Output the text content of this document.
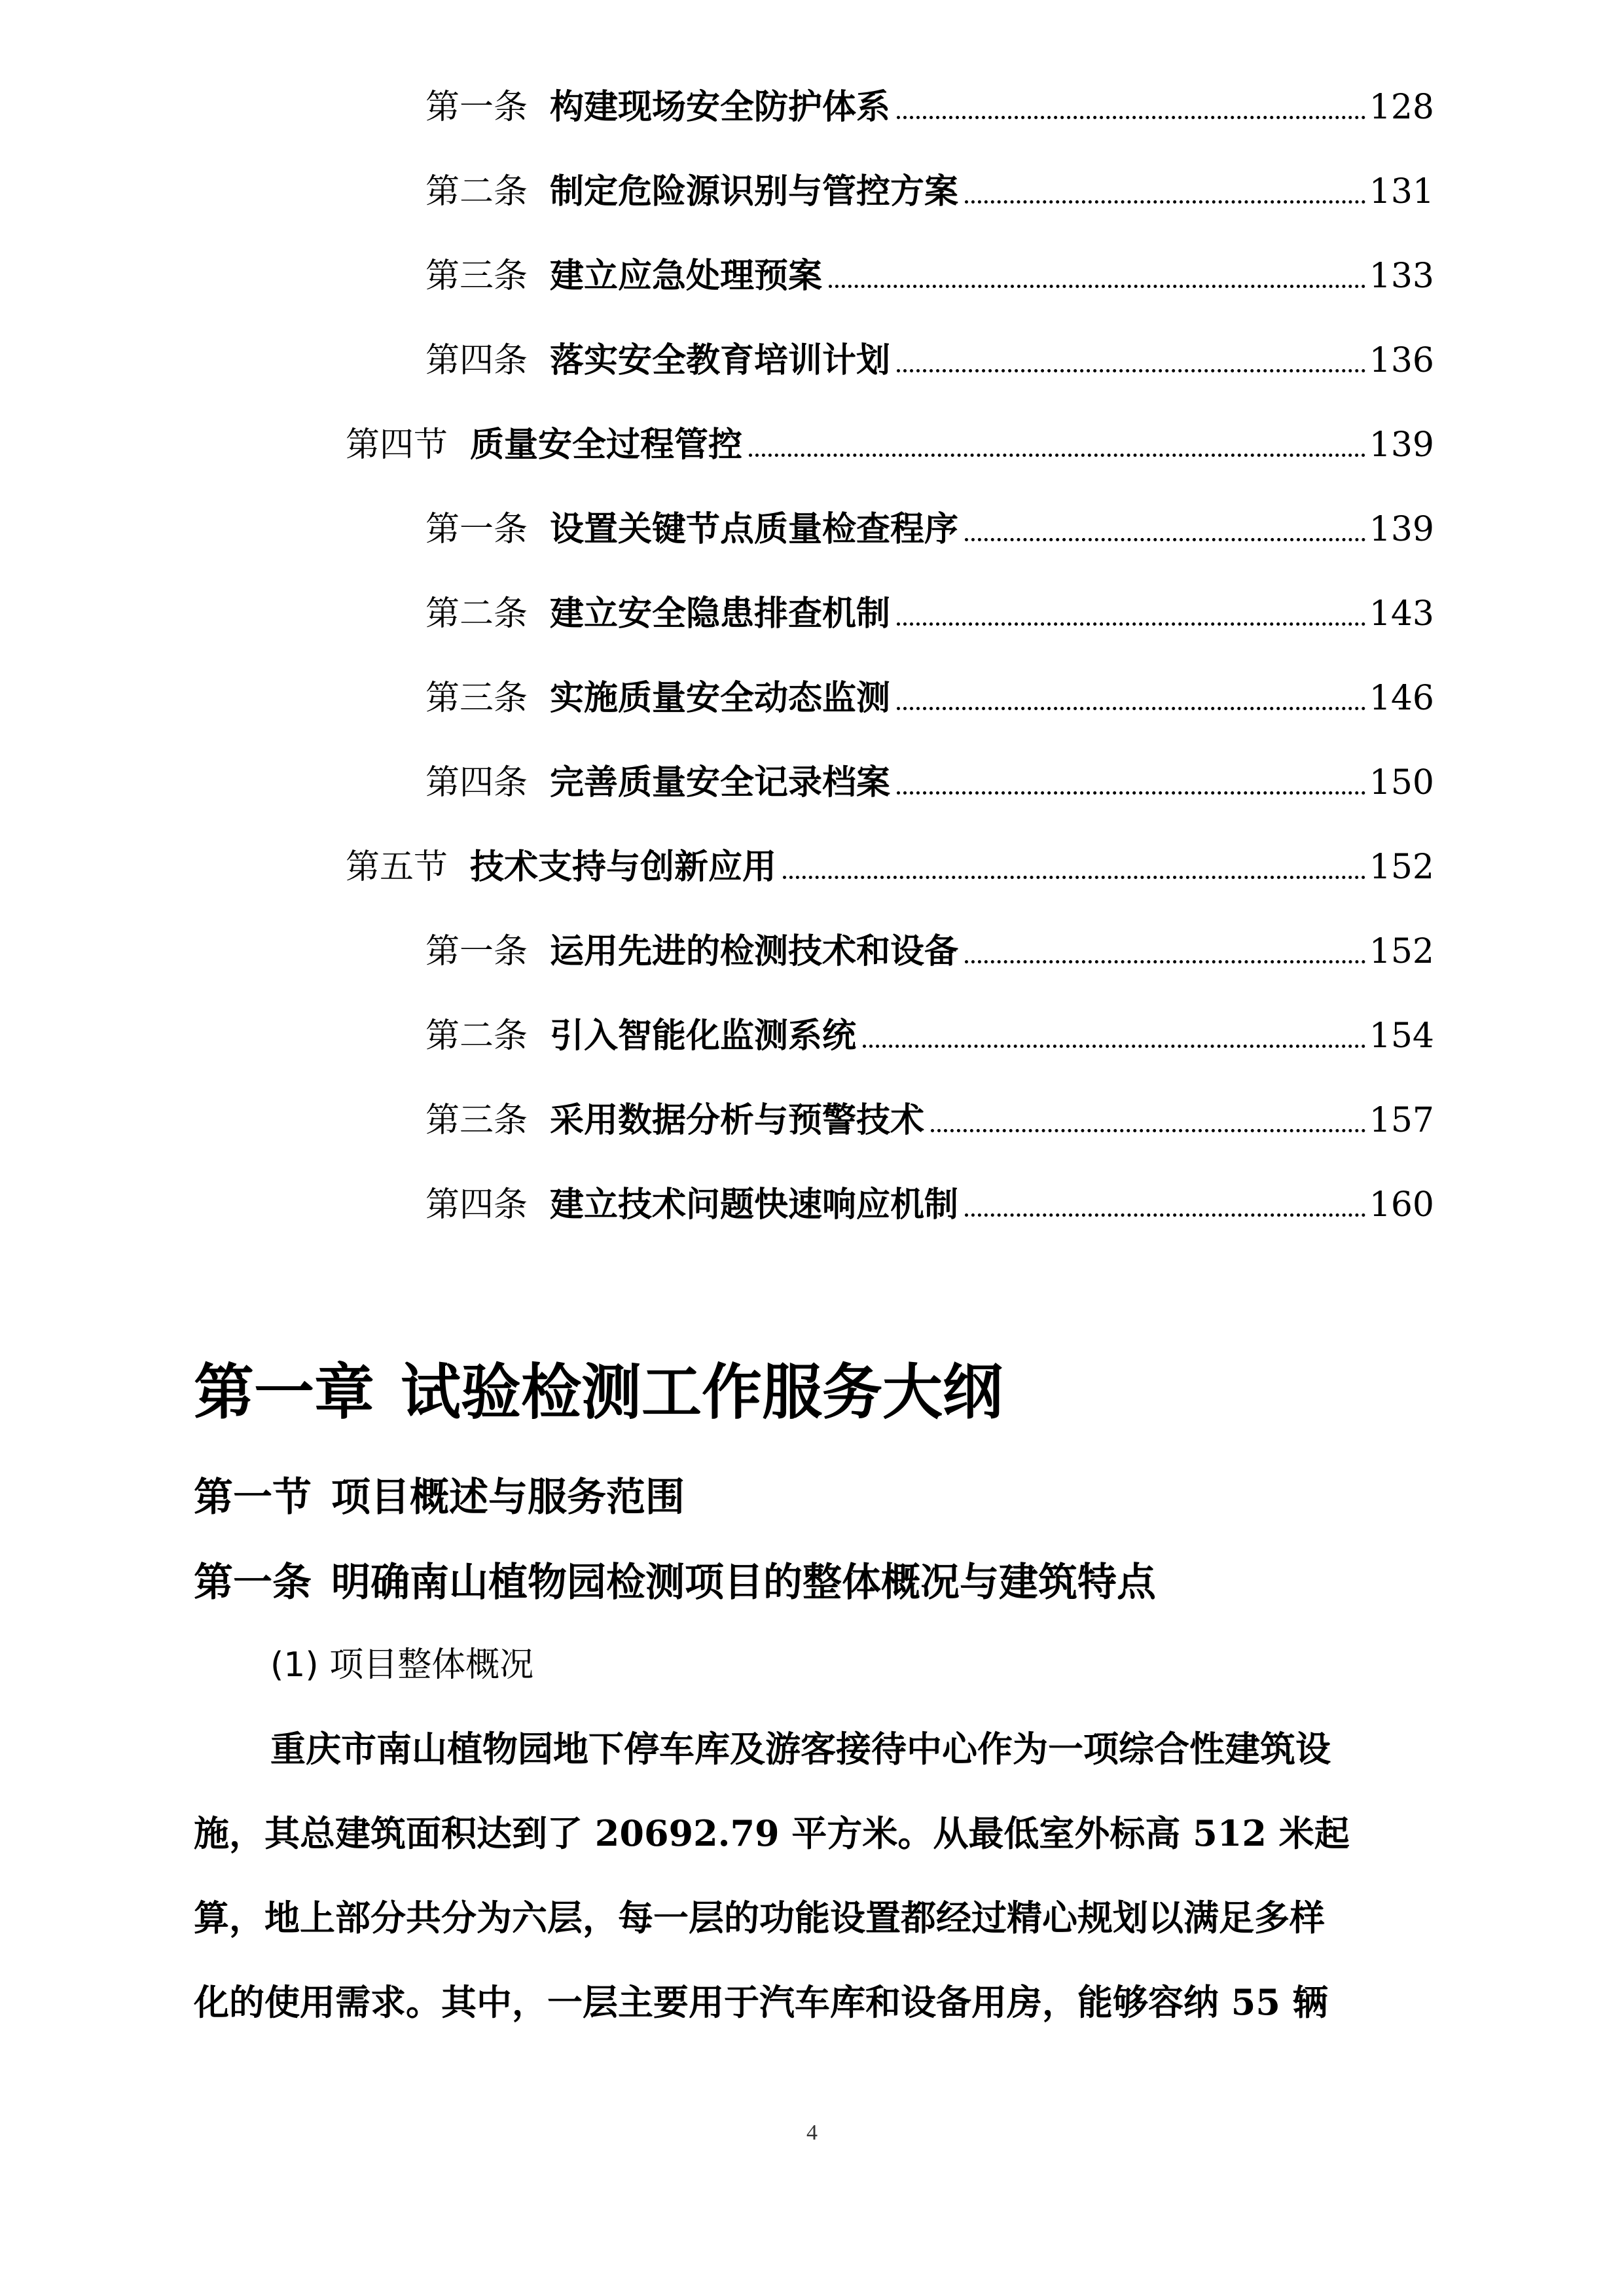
第一条 构建现场安全防护体系	128
第二条 制定危险源识别与管控方案	131
第三条 建立应急处理预案	133
第四条 落实安全教育培训计划	136
第四节 质量安全过程管控	139
第一条 设置关键节点质量检查程序	139
第二条 建立安全隐患排查机制	143
第三条 实施质量安全动态监测	146
第四条 完善质量安全记录档案	150
第五节 技术支持与创新应用	152
第一条 运用先进的检测技术和设备	152
第二条 引入智能化监测系统	154
第三条 采用数据分析与预警技术	157
第四条 建立技术问题快速响应机制	160
第一章 试验检测工作服务大纲
第一节 项目概述与服务范围
第一条 明确南山植物园检测项目的整体概况与建筑特点
(1) 项目整体概况
重庆市南山植物园地下停车库及游客接待中心作为一项综合性建筑设
施，其总建筑面积达到了 20692.79 平方米。从最低室外标高 512 米起
算，地上部分共分为六层，每一层的功能设置都经过精心规划以满足多样
化的使用需求。其中，一层主要用于汽车库和设备用房，能够容纳 55 辆
4
